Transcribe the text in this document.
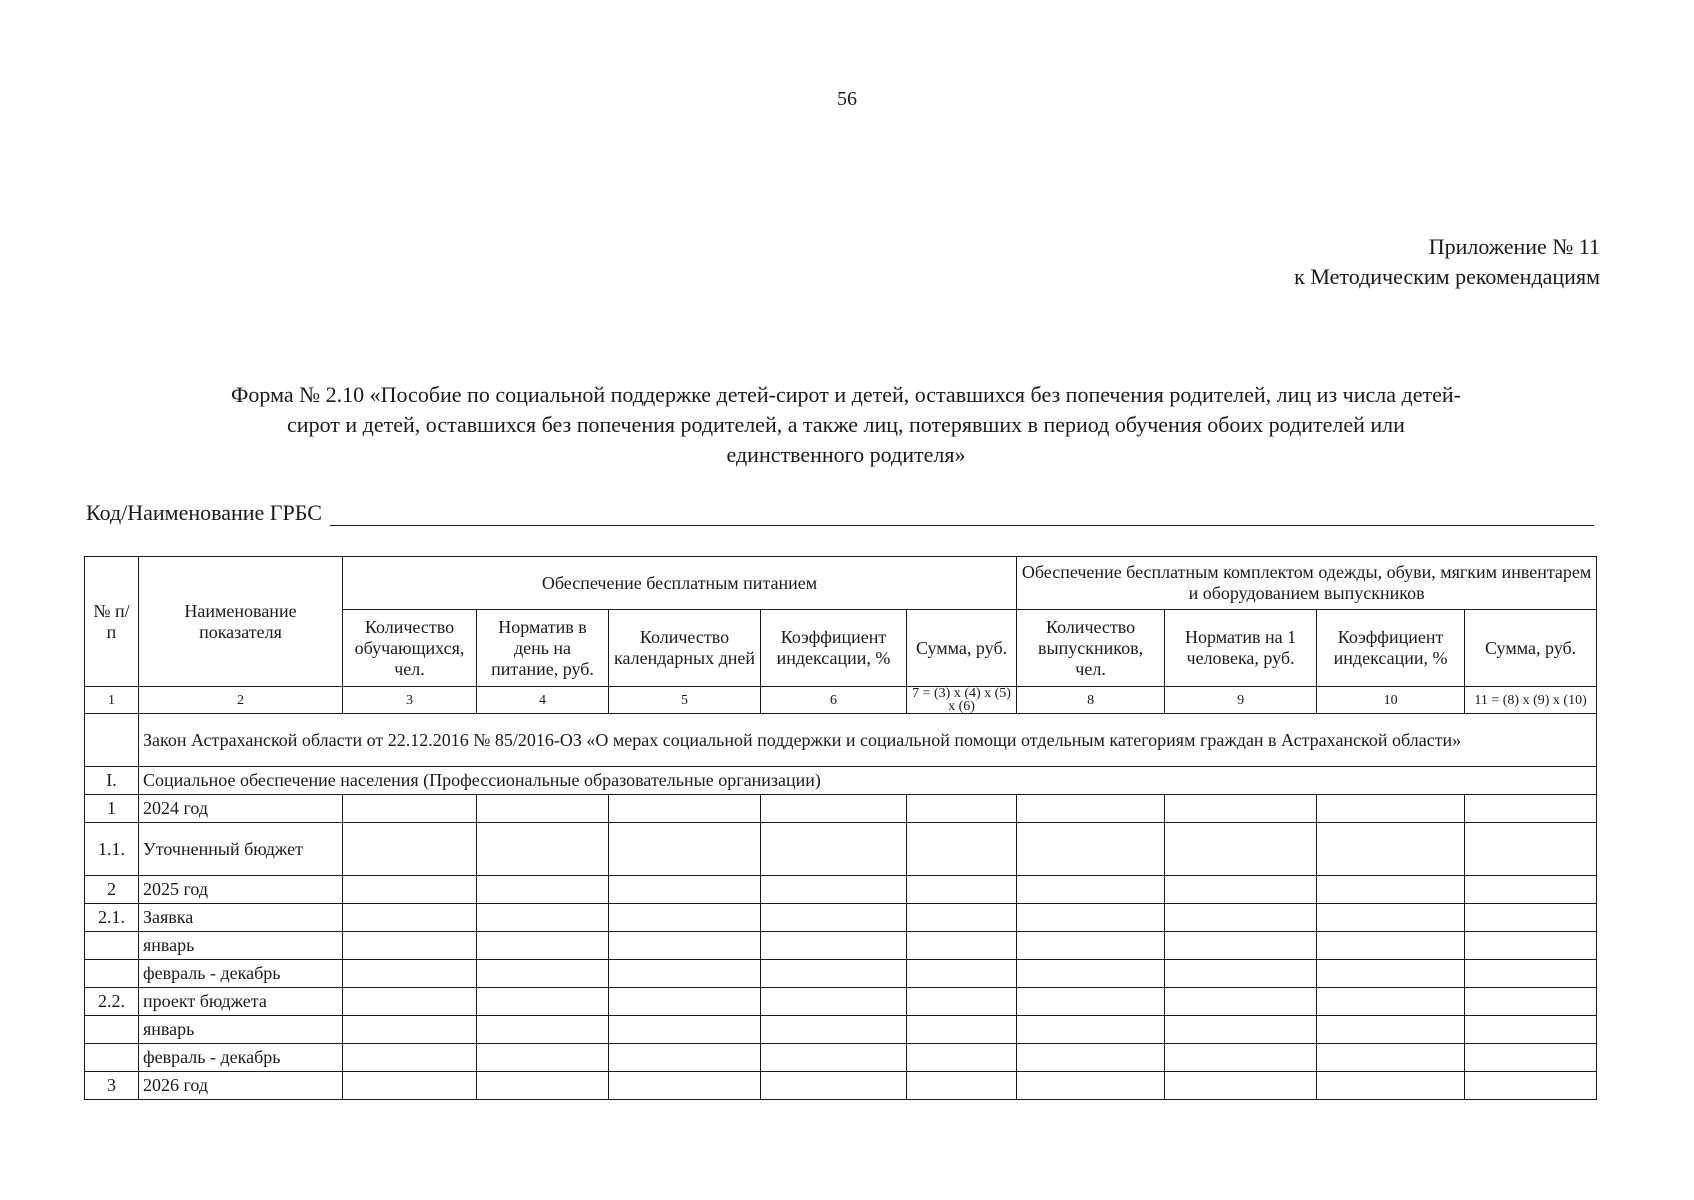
56
Приложение № 11
к Методическим рекомендациям
Форма № 2.10 «Пособие по социальной поддержке детей-сирот и детей, оставшихся без попечения родителей, лиц из числа детей-
сирот и детей, оставшихся без попечения родителей, а также лиц, потерявших в период обучения обоих родителей или
единственного родителя»
Код/Наименование ГРБС
№ п/п	Наименование показателя	Обеспечение бесплатным питанием					Обеспечение бесплатным комплектом одежды, обуви, мягким инвентарем и оборудованием выпускников			
		Количество обучающихся, чел.	Норматив в день на питание, руб.	Количество календарных дней	Коэффициент индексации, %	Сумма, руб.	Количество выпускников, чел.	Норматив на 1 человека, руб.	Коэффициент индексации, %	Сумма, руб.
1	2	3	4	5	6	7 = (3) x (4) x (5) x (6)	8	9	10	11 = (8) x (9) x (10)
	Закон Астраханской области от 22.12.2016 № 85/2016-ОЗ «О мерах социальной поддержки и социальной помощи отдельным категориям граждан в Астраханской области»									
I.	Социальное обеспечение населения (Профессиональные образовательные организации)									
1	2024 год									
1.1.	Уточненный бюджет									
2	2025 год									
2.1.	Заявка									
	январь									
	февраль - декабрь									
2.2.	проект бюджета									
	январь									
	февраль - декабрь									
3	2026 год									
